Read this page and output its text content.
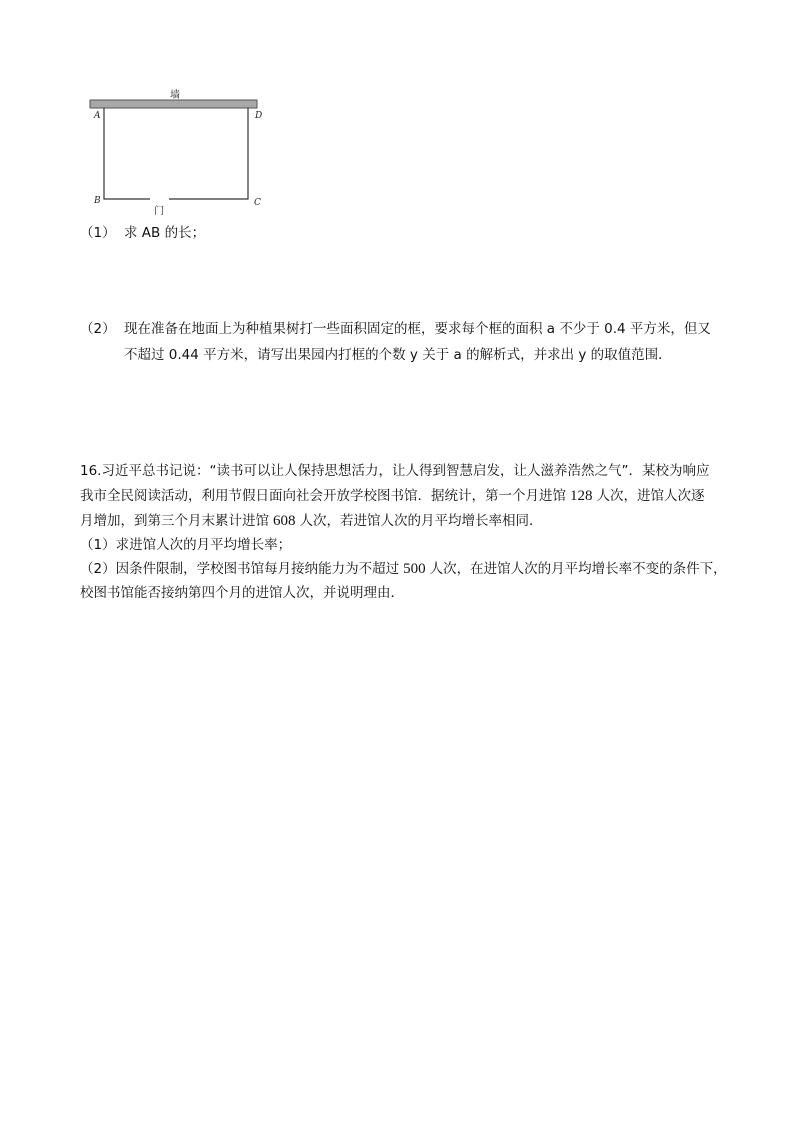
墙
A	D
B	C
门
（1） 求 AB 的长；
（2） 现在准备在地面上为种植果树打一些面积固定的框，要求每个框的面积 a 不少于 0.4 平方米，但又
不超过 0.44 平方米，请写出果园内打框的个数 y 关于 a 的解析式，并求出 y 的取值范围．
16.习近平总书记说：“读书可以让人保持思想活力，让人得到智慧启发，让人滋养浩然之气”．某校为响应
我市全民阅读活动，利用节假日面向社会开放学校图书馆．据统计，第一个月进馆 128 人次，进馆人次逐
月增加，到第三个月末累计进馆 608 人次，若进馆人次的月平均增长率相同．
（1）求进馆人次的月平均增长率；
（2）因条件限制，学校图书馆每月接纳能力为不超过 500 人次，在进馆人次的月平均增长率不变的条件下，
校图书馆能否接纳第四个月的进馆人次，并说明理由．
